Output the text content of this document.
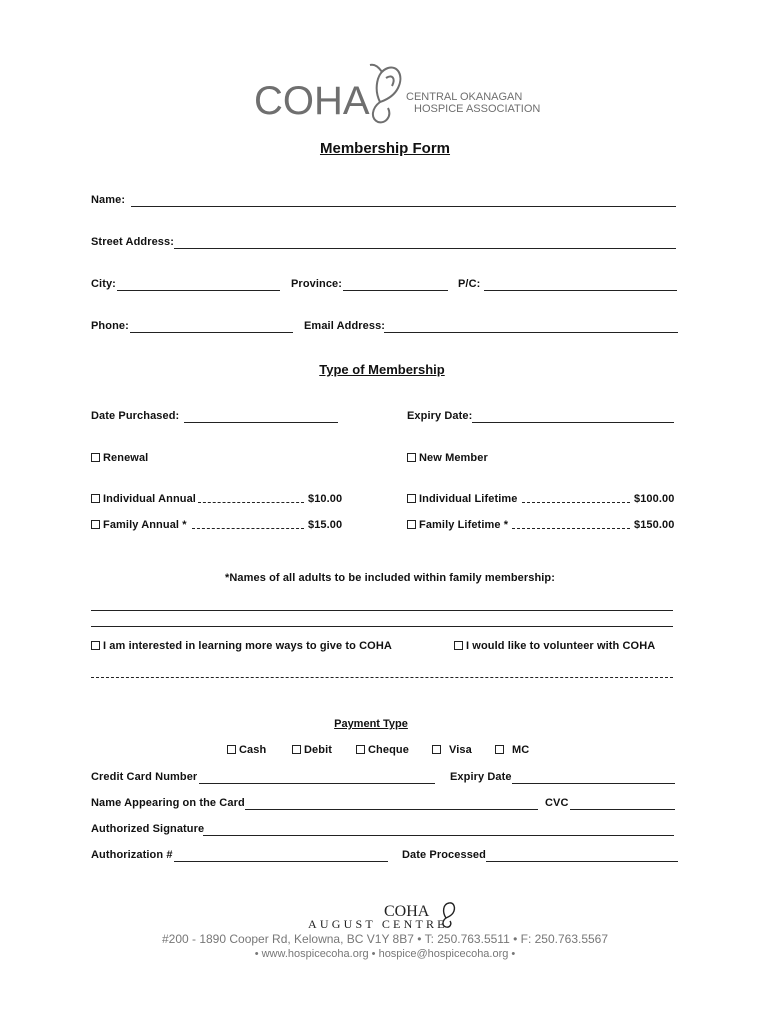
COHA	CENTRAL OKANAGAN
HOSPICE ASSOCIATION
Membership Form
Name:
Street Address:
City:	Province:	P/C:
Phone:	Email Address:
Type of Membership
Date Purchased:	Expiry Date:
Renewal	New Member
Individual Annual	$10.00	Individual Lifetime	$100.00
Family Annual *	$15.00	Family Lifetime *	$150.00
*Names of all adults to be included within family membership:
I am interested in learning more ways to give to COHA	I would like to volunteer with COHA
Payment Type
Cash	Debit	Cheque	Visa	MC
Credit Card Number	Expiry Date
Name Appearing on the Card	CVC
Authorized Signature
Authorization #	Date Processed
COHA
AUGUST CENTRE
#200 - 1890 Cooper Rd, Kelowna, BC V1Y 8B7 • T: 250.763.5511 • F: 250.763.5567
• www.hospicecoha.org • hospice@hospicecoha.org •
